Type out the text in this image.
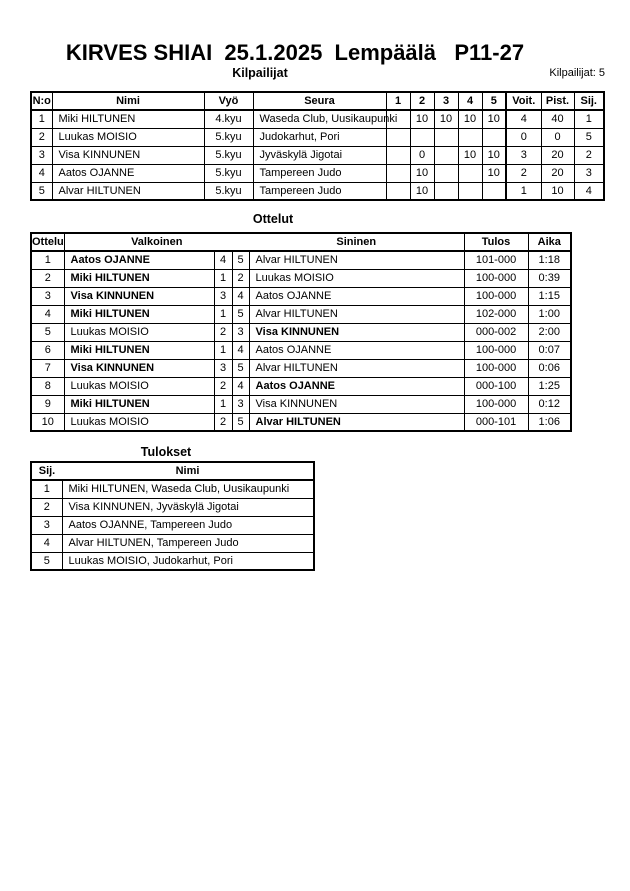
KIRVES SHIAI  25.1.2025  Lempäälä   P11-27
Kilpailijat: 5
Kilpailijat
N:o	Nimi	Vyö	Seura	1	2	3	4	5	Voit.	Pist.	Sij.
1	Miki HILTUNEN	4.kyu	Waseda Club, Uusikaupunki		10	10	10	10	4	40	1
2	Luukas MOISIO	5.kyu	Judokarhut, Pori						0	0	5
3	Visa KINNUNEN	5.kyu	Jyväskylä Jigotai		0		10	10	3	20	2
4	Aatos OJANNE	5.kyu	Tampereen Judo		10			10	2	20	3
5	Alvar HILTUNEN	5.kyu	Tampereen Judo		10				1	10	4
Ottelut
Ottelu	Valkoinen			Sininen	Tulos	Aika
1	Aatos OJANNE	4	5	Alvar HILTUNEN	101-000	1:18
2	Miki HILTUNEN	1	2	Luukas MOISIO	100-000	0:39
3	Visa KINNUNEN	3	4	Aatos OJANNE	100-000	1:15
4	Miki HILTUNEN	1	5	Alvar HILTUNEN	102-000	1:00
5	Luukas MOISIO	2	3	Visa KINNUNEN	000-002	2:00
6	Miki HILTUNEN	1	4	Aatos OJANNE	100-000	0:07
7	Visa KINNUNEN	3	5	Alvar HILTUNEN	100-000	0:06
8	Luukas MOISIO	2	4	Aatos OJANNE	000-100	1:25
9	Miki HILTUNEN	1	3	Visa KINNUNEN	100-000	0:12
10	Luukas MOISIO	2	5	Alvar HILTUNEN	000-101	1:06
Tulokset
Sij.	Nimi
1	Miki HILTUNEN, Waseda Club, Uusikaupunki
2	Visa KINNUNEN, Jyväskylä Jigotai
3	Aatos OJANNE, Tampereen Judo
4	Alvar HILTUNEN, Tampereen Judo
5	Luukas MOISIO, Judokarhut, Pori
